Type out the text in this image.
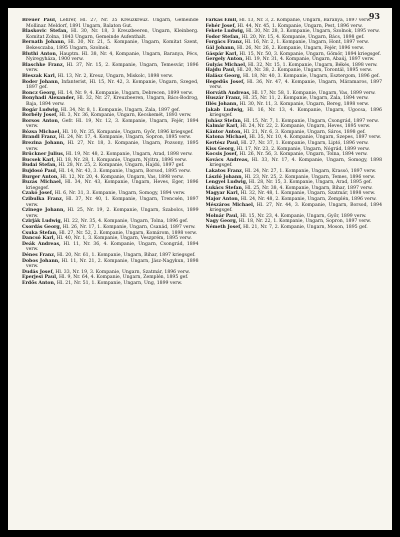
93

Breuer Paul, Lehrer, Hl. 27, Nr. 35 Kreuzkreuz. Ungarn, Gemeinde Mollinar. Meldorf, 1891 Ungarn, Balaton Gut.

Blaskovic Stefan, Hl. 30, Nr. 18, 3 Kreuzbeeren, Ungarn, Kleinberg. Komitat Zolna, 1843 Ungarn, Gemeinde Aufenthalt.

Bernath Johann, Hl. 30, Nr. 21, 5. Kompanie, Ungarn, Komitat Szent, Bekesczaba, 1895 Ungarn, Szolnok.

Bluthi Anton, Hauptm. Hl. 38, Nr. 4, Kompanie, Ungarn, Baranya, Pécs, Nyiregyháza, 1900 verw.

Blaschke Franz, Hl. 37, Nr. 15, 2. Kompanie, Ungarn, Temesvár, 1896 verw.

Bleszak Karl, Hl. 13, Nr. 2, Kreuz, Ungarn, Miskolc, 1898 verw.

Boder Johann, Infanterist, Hl. 15, Nr. 42, 3. Kompanie, Ungarn, Szeged, 1897 gef.

Boncz Georg, Hl. 14, Nr. 9, 4. Kompanie, Ungarn, Debrecen, 1899 verw.

Bonyhadi Alexander, Hl. 32, Nr. 27, Kreuzbeeren, Ungarn, Bács-Bodrog, Baja, 1894 verw.

Bogár Ludwig, Hl. 34, Nr. 8, 1. Kompanie, Ungarn, Zala, 1897 gef.

Borbély Josef, Hl. 3, Nr. 36, Kompanie, Ungarn, Kecskemét, 1893 verw.

Borsos Anton, Gefr. Hl. 19, Nr. 12, 3. Kompanie, Ungarn, Fejér, 1894 verw.

Bózsa Michael, Hl. 10, Nr. 35, Kompanie, Ungarn, Győr, 1896 kriegsgef.

Brandl Franz, Hl. 24, Nr. 17, 4. Kompanie, Ungarn, Sopron, 1895 verw.

Brezina Johann, Hl. 27, Nr. 18, 3. Kompanie, Ungarn, Pozsony, 1895 verw.

Brückner Julius, Hl. 19, Nr. 48, 2. Kompanie, Ungarn, Arad, 1898 verw.

Bucsek Karl, Hl. 18, Nr. 28, 1. Kompanie, Ungarn, Nyitra, 1896 verw.

Budai Stefan, Hl. 28, Nr. 25, 2. Kompanie, Ungarn, Hajdú, 1897 gef.

Bujdosó Paul, Hl. 14, Nr. 43, 3. Kompanie, Ungarn, Borsod, 1895 verw.

Burger Anton, Hl. 12, Nr. 20, 4. Kompanie, Ungarn, Vas, 1898 verw.

Buzás Michael, Hl. 34, Nr. 43, Kompanie, Ungarn, Heves, Eger, 1896 kriegsgef.

Czakó Josef, Hl. 6, Nr. 31, 3. Kompanie, Ungarn, Somogy, 1894 verw.

Czibulka Franz, Hl. 37, Nr. 40, 1. Kompanie, Ungarn, Trencsén, 1897 verw.

Czinege Johann, Hl. 25, Nr. 19, 2. Kompanie, Ungarn, Szabolcs, 1899 verw.

Czirják Ludwig, Hl. 22, Nr. 35, 4. Kompanie, Ungarn, Tolna, 1896 gef.

Csordás Georg, Hl. 26, Nr. 17, 1. Kompanie, Ungarn, Csanád, 1897 verw.

Csuka Stefan, Hl. 27, Nr. 52, 2. Kompanie, Ungarn, Komárom, 1898 verw.

Dancsó Karl, Hl. 40, Nr. 1, 3. Kompanie, Ungarn, Veszprém, 1895 verw.

Deák Andreas, Hl. 11, Nr. 36, 4. Kompanie, Ungarn, Csongrád, 1894 verw.

Dénes Franz, Hl. 20, Nr. 61, 1. Kompanie, Ungarn, Bihar, 1897 kriegsgef.

Dobos Johann, Hl. 11, Nr. 21, 2. Kompanie, Ungarn, Jász-Nagykun, 1898 verw.

Dudás Josef, Hl. 33, Nr. 19, 3. Kompanie, Ungarn, Szatmár, 1896 verw.

Eperjesi Paul, Hl. 9, Nr. 64, 4. Kompanie, Ungarn, Zemplén, 1895 gef.

Erdős Anton, Hl. 21, Nr. 51, 1. Kompanie, Ungarn, Ung, 1899 verw.

Farkas Emil, Hl. 13, Nr. 3, 2. Kompanie, Ungarn, Baranya, 1897 verw.

Fehér Josef, Hl. 44, Nr. 45, 1. Kompanie, Ungarn, Pest, 1896 verw.

Fekete Ludwig, Hl. 30, Nr. 28, 3. Kompanie, Ungarn, Szolnok, 1895 verw.

Fodor Stefan, Hl. 20, Nr. 15, 4. Kompanie, Ungarn, Bács, 1898 gef.

Forgács Franz, Hl. 16, Nr. 2, 1. Kompanie, Ungarn, Hont, 1897 verw.

Gál Johann, Hl. 26, Nr. 26, 2. Kompanie, Ungarn, Fejér, 1896 verw.

Gáspár Karl, Hl. 15, Nr. 50, 3. Kompanie, Ungarn, Gömör, 1894 kriegsgef.

Gergely Anton, Hl. 19, Nr. 31, 4. Kompanie, Ungarn, Abaúj, 1897 verw.

Gulyás Michael, Hl. 32, Nr. 15, 1. Kompanie, Ungarn, Békés, 1898 verw.

Hajdu Paul, Hl. 20, Nr. 38, 2. Kompanie, Ungarn, Torontál, 1895 verw.

Halász Georg, Hl. 18, Nr. 40, 3. Kompanie, Ungarn, Esztergom, 1896 gef.

Hegedűs Josef, Hl. 36, Nr. 47, 4. Kompanie, Ungarn, Máramaros, 1897 verw.

Horváth Andreas, Hl. 17, Nr. 58, 1. Kompanie, Ungarn, Vas, 1899 verw.

Huszár Franz, Hl. 35, Nr. 11, 2. Kompanie, Ungarn, Zala, 1894 verw.

Illés Johann, Hl. 30, Nr. 11, 3. Kompanie, Ungarn, Bereg, 1898 verw.

Jakab Ludwig, Hl. 16, Nr. 13, 4. Kompanie, Ungarn, Ugocsa, 1896 kriegsgef.

Juhász Stefan, Hl. 15, Nr. 7, 1. Kompanie, Ungarn, Csongrád, 1897 verw.

Kalmár Karl, Hl. 24, Nr. 22, 2. Kompanie, Ungarn, Heves, 1895 verw.

Kántor Anton, Hl. 21, Nr. 6, 3. Kompanie, Ungarn, Sáros, 1898 gef.

Katona Michael, Hl. 35, Nr. 10, 4. Kompanie, Ungarn, Szepes, 1897 verw.

Kertész Paul, Hl. 27, Nr. 37, 1. Kompanie, Ungarn, Liptó, 1896 verw.

Kiss Georg, Hl. 17, Nr. 23, 2. Kompanie, Ungarn, Nógrád, 1899 verw.

Kocsis Josef, Hl. 26, Nr. 56, 3. Kompanie, Ungarn, Tolna, 1894 verw.

Kovács Andreas, Hl. 33, Nr. 17, 4. Kompanie, Ungarn, Somogy, 1898 kriegsgef.

Lakatos Franz, Hl. 24, Nr. 27, 1. Kompanie, Ungarn, Krassó, 1897 verw.

László Johann, Hl. 23, Nr. 25, 2. Kompanie, Ungarn, Temes, 1896 verw.

Lengyel Ludwig, Hl. 28, Nr. 15, 3. Kompanie, Ungarn, Arad, 1895 gef.

Lukács Stefan, Hl. 25, Nr. 38, 4. Kompanie, Ungarn, Bihar, 1897 verw.

Magyar Karl, Hl. 32, Nr. 48, 1. Kompanie, Ungarn, Szatmár, 1898 verw.

Major Anton, Hl. 24, Nr. 48, 2. Kompanie, Ungarn, Zemplén, 1896 verw.

Mészáros Michael, Hl. 27, Nr. 44, 3. Kompanie, Ungarn, Borsod, 1894 kriegsgef.

Molnár Paul, Hl. 15, Nr. 23, 4. Kompanie, Ungarn, Győr, 1899 verw.

Nagy Georg, Hl. 18, Nr. 22, 1. Kompanie, Ungarn, Sopron, 1897 verw.

Németh Josef, Hl. 21, Nr. 7, 2. Kompanie, Ungarn, Moson, 1895 gef.
